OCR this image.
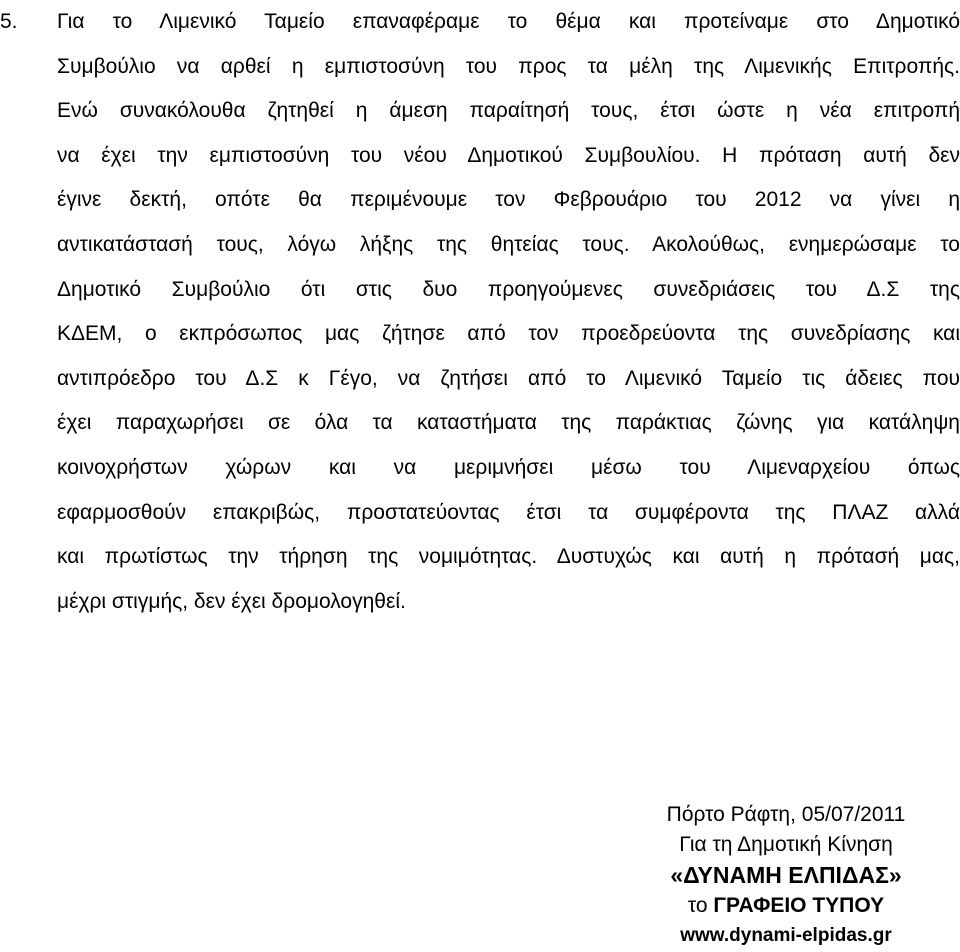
5. Για το Λιμενικό Ταμείο επαναφέραμε το θέμα και προτείναμε στο Δημοτικό
Συμβούλιο να αρθεί η εμπιστοσύνη του προς τα μέλη της Λιμενικής Επιτροπής.
Ενώ συνακόλουθα ζητηθεί η άμεση παραίτησή τους, έτσι ώστε η νέα επιτροπή
να έχει την εμπιστοσύνη του νέου Δημοτικού Συμβουλίου. Η πρόταση αυτή δεν
έγινε δεκτή, οπότε θα περιμένουμε τον Φεβρουάριο του 2012 να γίνει η
αντικατάστασή τους, λόγω λήξης της θητείας τους. Ακολούθως, ενημερώσαμε το
Δημοτικό Συμβούλιο ότι στις δυο προηγούμενες συνεδριάσεις του Δ.Σ της
ΚΔΕΜ, ο εκπρόσωπος μας ζήτησε από τον προεδρεύοντα της συνεδρίασης και
αντιπρόεδρο του Δ.Σ κ Γέγο, να ζητήσει από το Λιμενικό Ταμείο τις άδειες που
έχει παραχωρήσει σε όλα τα καταστήματα της παράκτιας ζώνης για κατάληψη
κοινοχρήστων χώρων και να μεριμνήσει μέσω του Λιμεναρχείου όπως
εφαρμοσθούν επακριβώς, προστατεύοντας έτσι τα συμφέροντα της ΠΛΑΖ αλλά
και πρωτίστως την τήρηση της νομιμότητας. Δυστυχώς και αυτή η πρότασή μας,
μέχρι στιγμής, δεν έχει δρομολογηθεί.
Πόρτο Ράφτη, 05/07/2011
Για τη Δημοτική Κίνηση
«ΔΥΝΑΜΗ ΕΛΠΙΔΑΣ»
το ΓΡΑΦΕΙΟ ΤΥΠΟΥ
www.dynami-elpidas.gr
